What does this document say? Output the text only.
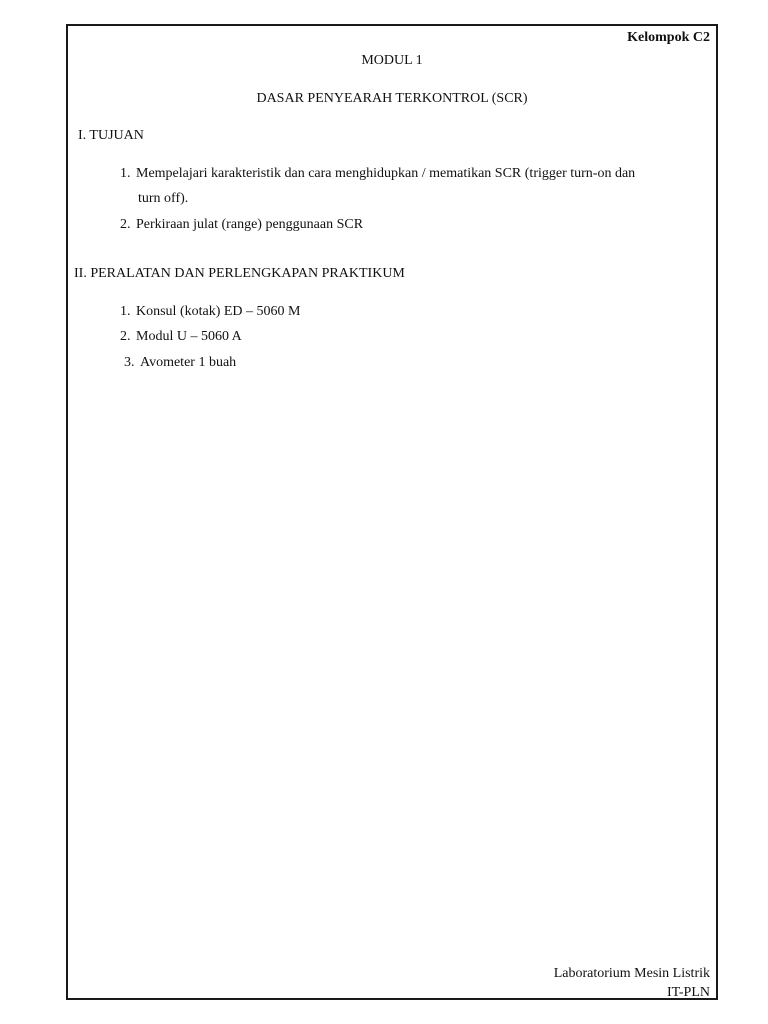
Kelompok C2
MODUL 1
DASAR PENYEARAH TERKONTROL (SCR)
I. TUJUAN
1. Mempelajari karakteristik dan cara menghidupkan / mematikan SCR (trigger turn-on dan
turn off).
2. Perkiraan julat (range) penggunaan SCR
II. PERALATAN DAN PERLENGKAPAN PRAKTIKUM
1. Konsul (kotak) ED – 5060 M
2. Modul U – 5060 A
3. Avometer 1 buah
Laboratorium Mesin Listrik
IT-PLN
